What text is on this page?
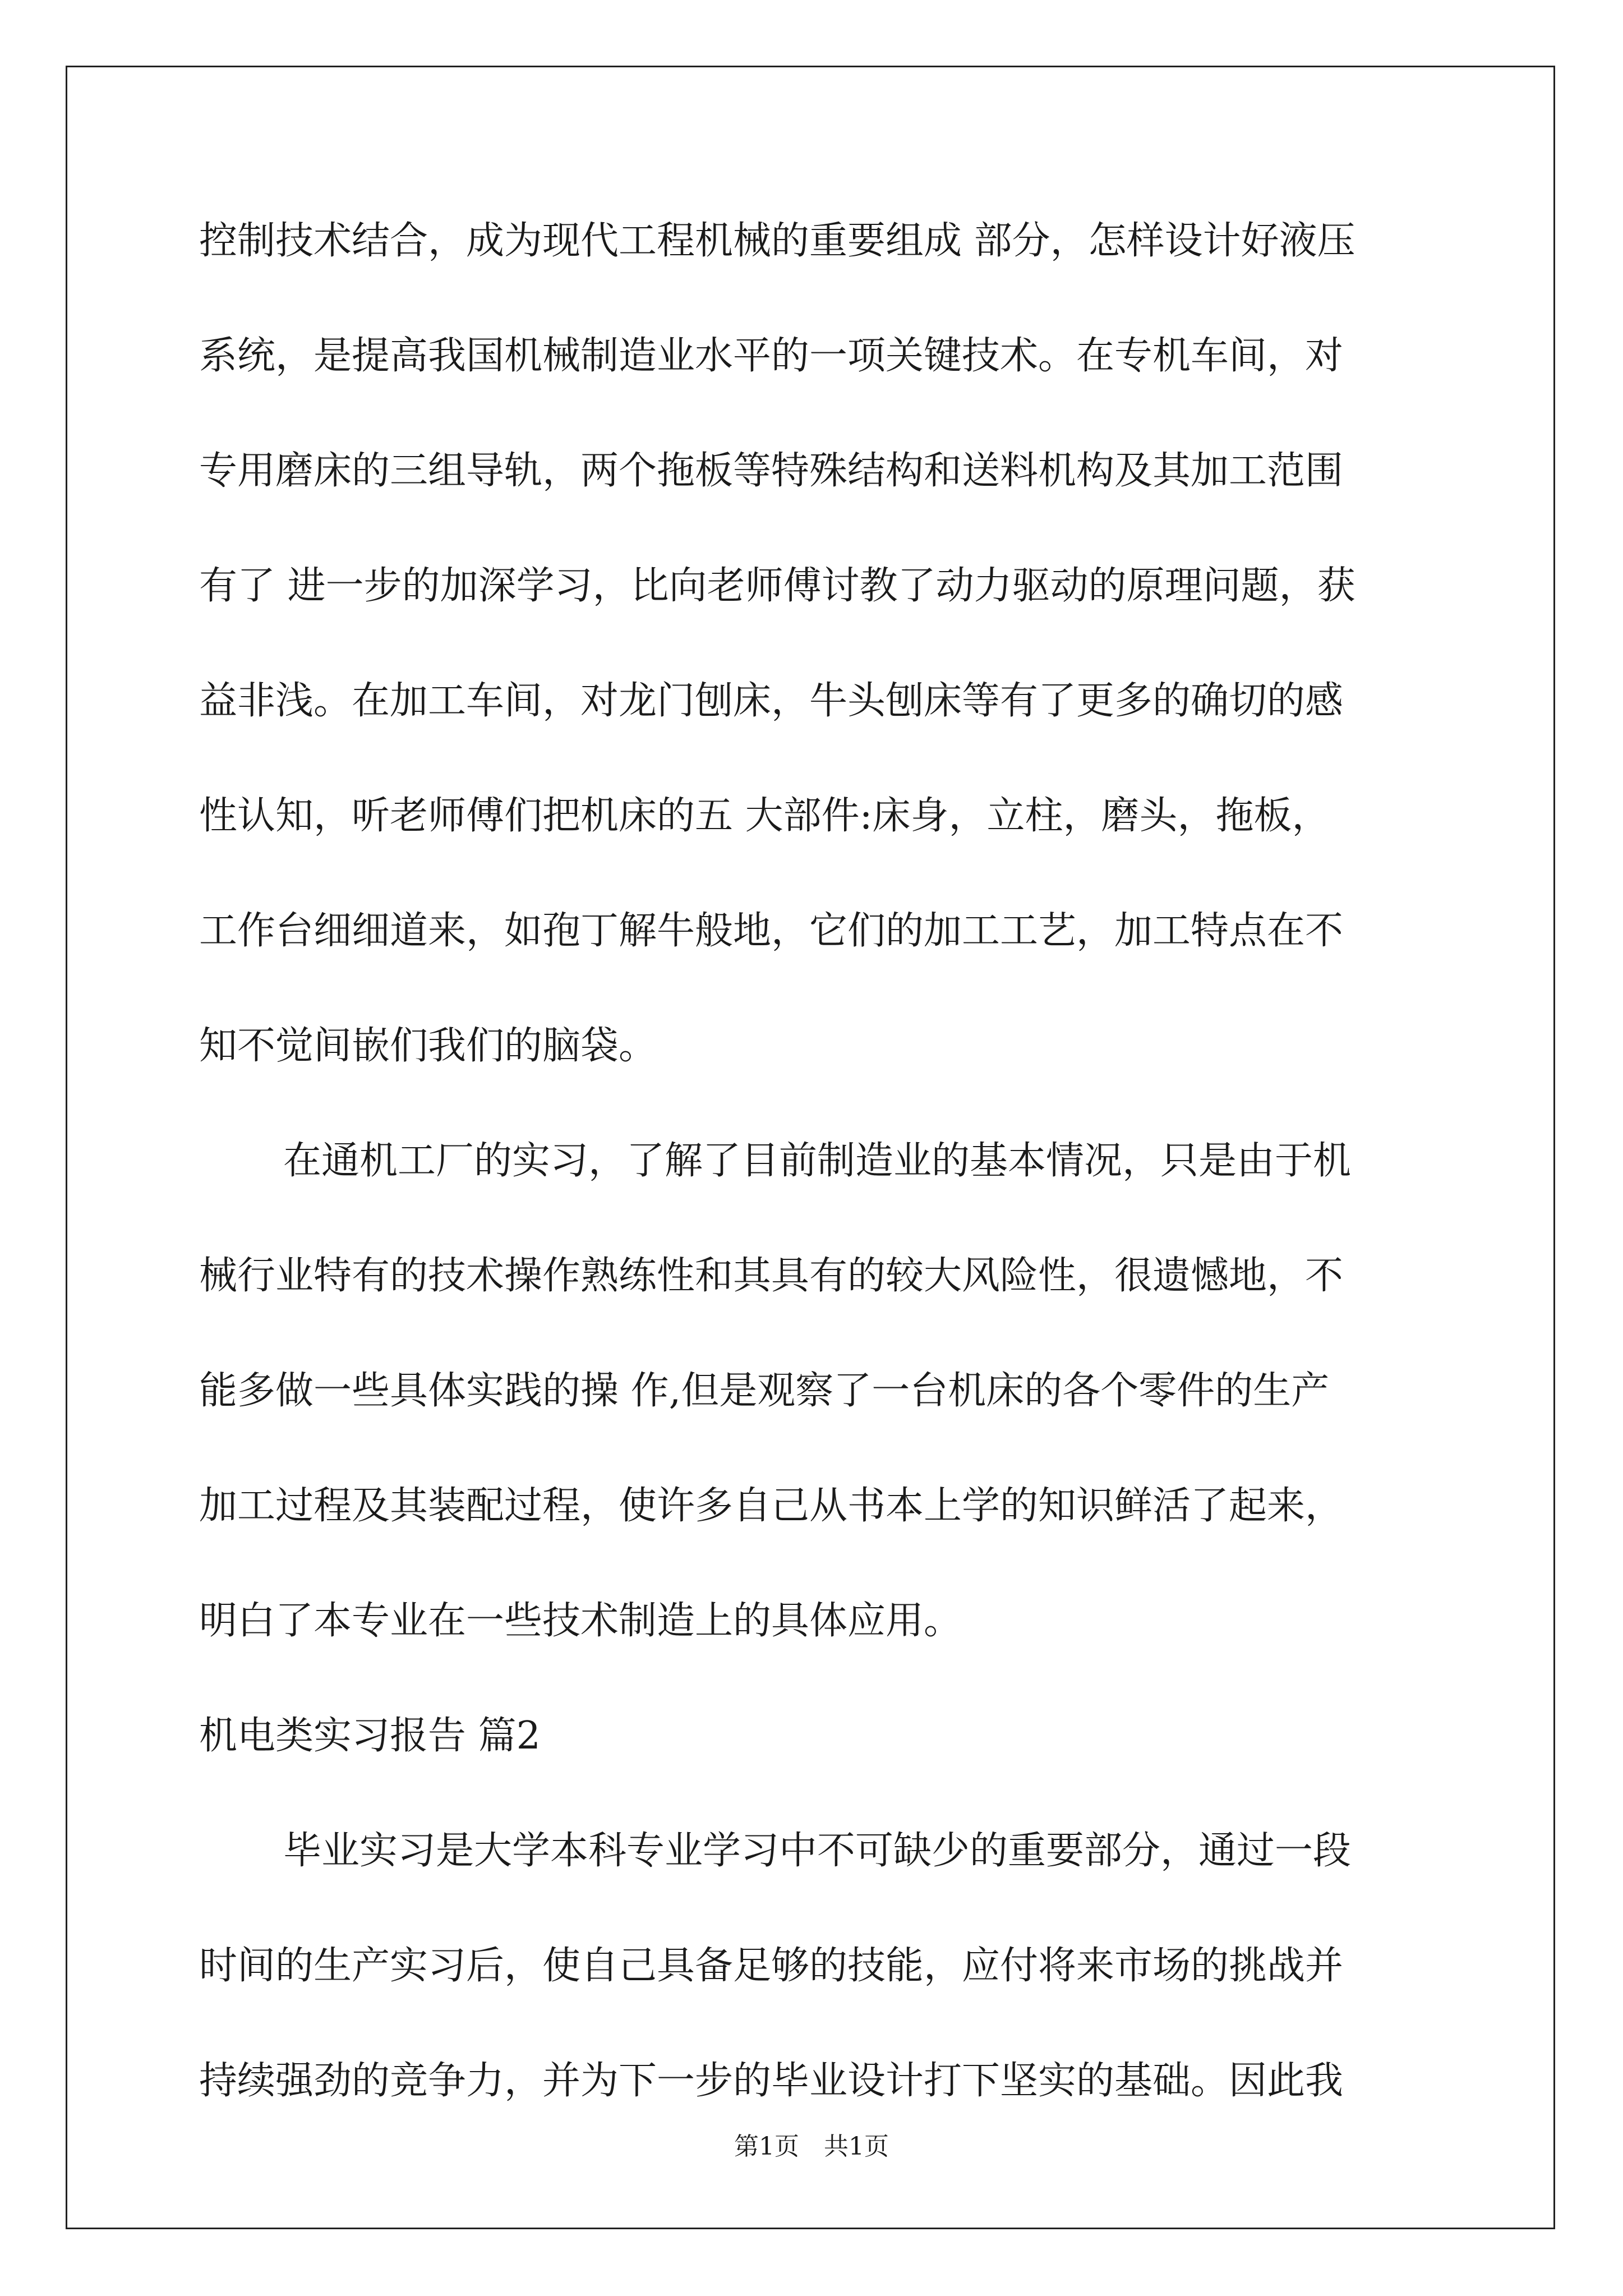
控制技术结合，成为现代工程机械的重要组成 部分，怎样设计好液压
系统，是提高我国机械制造业水平的一项关键技术。在专机车间，对
专用磨床的三组导轨，两个拖板等特殊结构和送料机构及其加工范围
有了 进一步的加深学习，比向老师傅讨教了动力驱动的原理问题，获
益非浅。在加工车间，对龙门刨床，牛头刨床等有了更多的确切的感
性认知，听老师傅们把机床的五 大部件:床身，立柱，磨头，拖板，
工作台细细道来，如孢丁解牛般地，它们的加工工艺，加工特点在不
知不觉间嵌们我们的脑袋。
在通机工厂的实习，了解了目前制造业的基本情况，只是由于机
械行业特有的技术操作熟练性和其具有的较大风险性，很遗憾地，不
能多做一些具体实践的操 作,但是观察了一台机床的各个零件的生产
加工过程及其装配过程，使许多自己从书本上学的知识鲜活了起来，
明白了本专业在一些技术制造上的具体应用。
机电类实习报告 篇2
毕业实习是大学本科专业学习中不可缺少的重要部分，通过一段
时间的生产实习后，使自己具备足够的技能，应付将来市场的挑战并
持续强劲的竞争力，并为下一步的毕业设计打下坚实的基础。因此我
第1页　共1页
